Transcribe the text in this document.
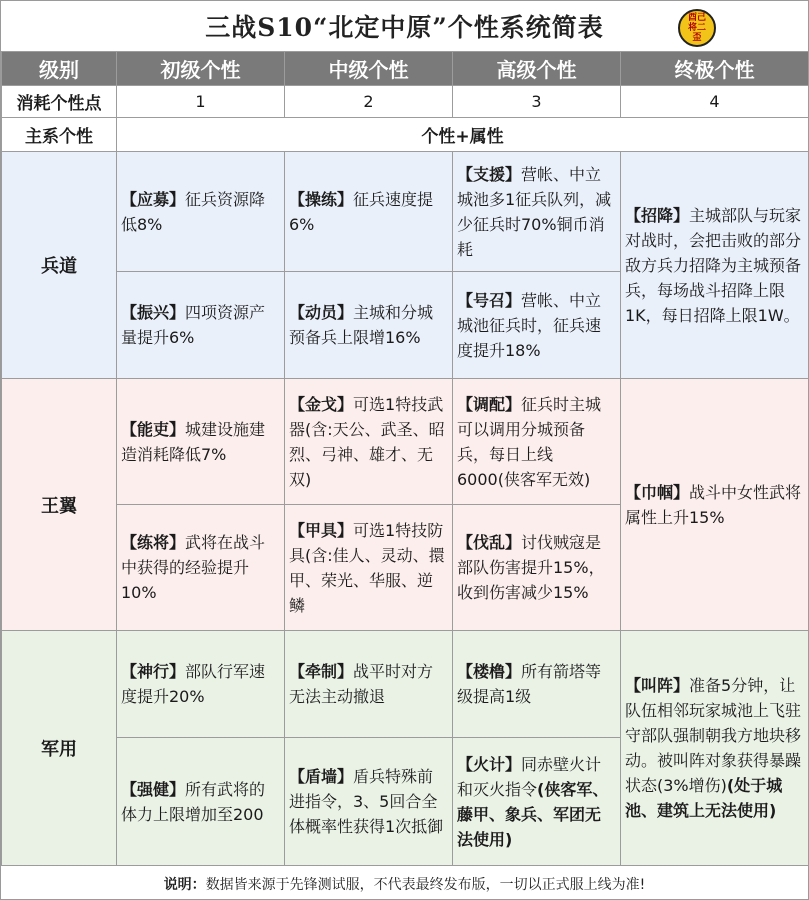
三战S10“北定中原”个性系统简表	酉己将二歪
级别	初级个性	中级个性	高级个性	终极个性
消耗个性点	1	2	3	4
主系个性	个性+属性			
兵道	【应募】征兵资源降低8%	【操练】征兵速度提6%	【支援】营帐、中立城池多1征兵队列，减少征兵时70%铜币消耗	【招降】主城部队与玩家对战时，会把击败的部分敌方兵力招降为主城预备兵，每场战斗招降上限1K，每日招降上限1W。
	【振兴】四项资源产量提升6%	【动员】主城和分城预备兵上限增16%	【号召】营帐、中立城池征兵时，征兵速度提升18%	
王翼	【能吏】城建设施建造消耗降低7%	【金戈】可选1特技武器(含:天公、武圣、昭烈、弓神、雄才、无双)	【调配】征兵时主城可以调用分城预备兵，每日上线6000(侠客军无效)	【巾帼】战斗中女性武将属性上升15%
	【练将】武将在战斗中获得的经验提升10%	【甲具】可选1特技防具(含:佳人、灵动、擐甲、荣光、华服、逆鳞	【伐乱】讨伐贼寇是部队伤害提升15%，收到伤害减少15%	
军用	【神行】部队行军速度提升20%	【牵制】战平时对方无法主动撤退	【楼橹】所有箭塔等级提高1级	【叫阵】准备5分钟，让队伍相邻玩家城池上飞驻守部队强制朝我方地块移动。被叫阵对象获得暴躁状态(3%增伤)(处于城池、建筑上无法使用)
	【强健】所有武将的体力上限增加至200	【盾墙】盾兵特殊前进指令，3、5回合全体概率性获得1次抵御	【火计】同赤壁火计和灭火指令(侠客军、藤甲、象兵、军团无法使用)	
说明： 数据皆来源于先锋测试服，不代表最终发布版，一切以正式服上线为准!
